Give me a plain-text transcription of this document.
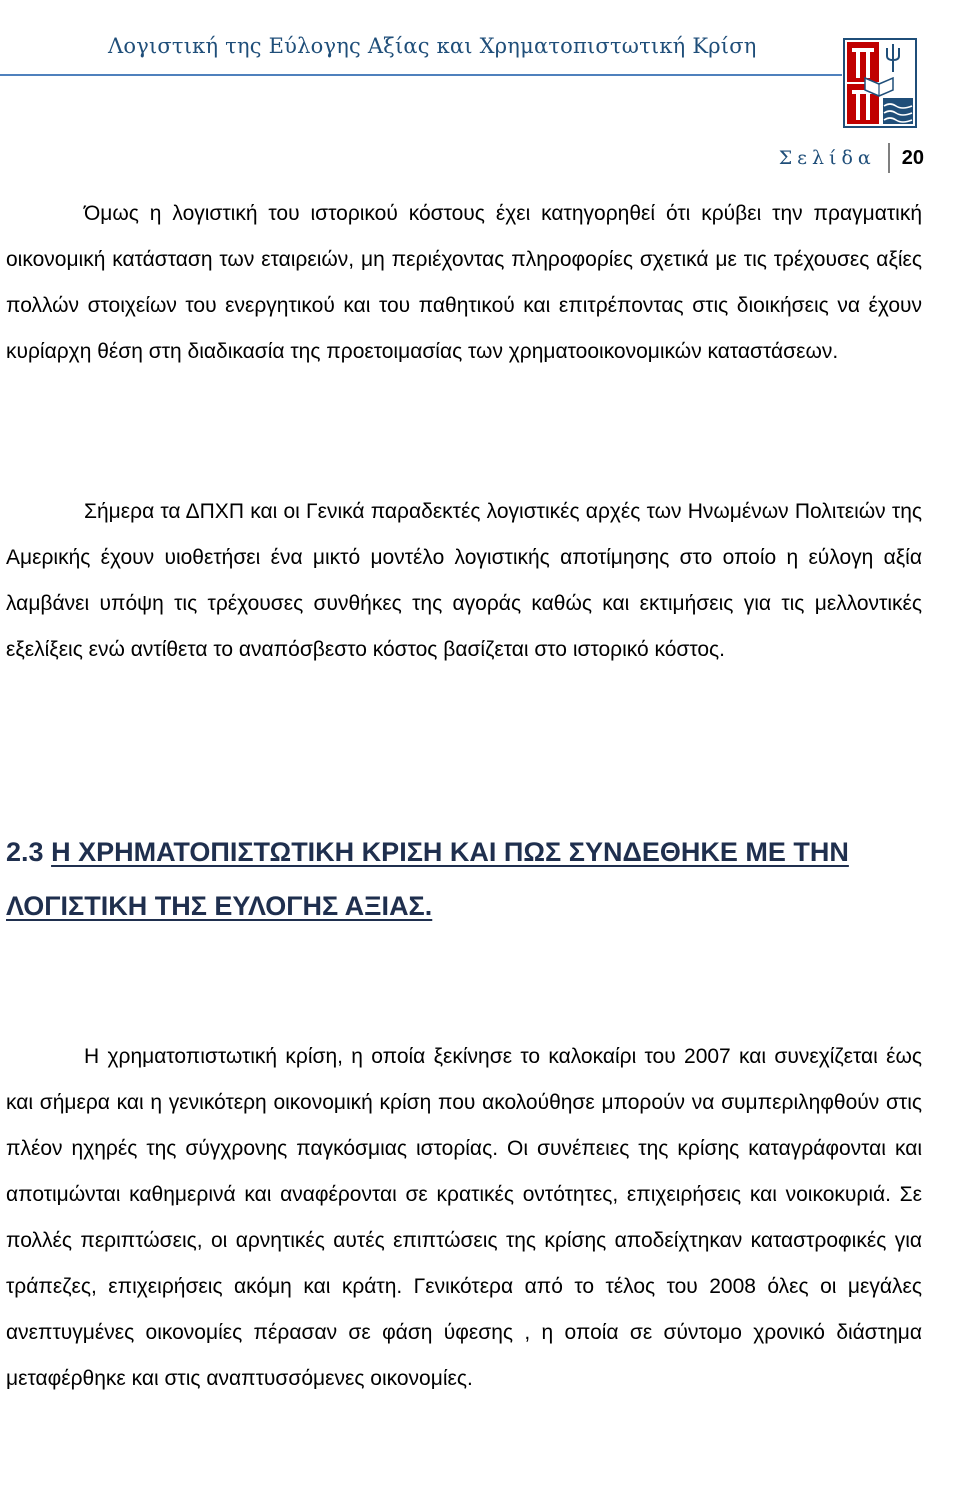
Λογιστική της Εύλογης Αξίας και Χρηματοπιστωτική Κρίση
Σελίδα 20

Όμως η λογιστική του ιστορικού κόστους έχει κατηγορηθεί ότι κρύβει την πραγματική οικονομική κατάσταση των εταιρειών, μη περιέχοντας πληροφορίες σχετικά με τις τρέχουσες αξίες πολλών στοιχείων του ενεργητικού και του παθητικού και επιτρέποντας στις διοικήσεις να έχουν κυρίαρχη θέση στη διαδικασία της προετοιμασίας των χρηματοοικονομικών καταστάσεων.

Σήμερα τα ΔΠΧΠ και οι Γενικά παραδεκτές λογιστικές αρχές των Ηνωμένων Πολιτειών της Αμερικής έχουν υιοθετήσει ένα μικτό μοντέλο λογιστικής αποτίμησης στο οποίο η εύλογη αξία λαμβάνει υπόψη τις τρέχουσες συνθήκες της αγοράς καθώς και εκτιμήσεις για τις μελλοντικές εξελίξεις ενώ αντίθετα το αναπόσβεστο κόστος βασίζεται στο ιστορικό κόστος.

2.3 Η ΧΡΗΜΑΤΟΠΙΣΤΩΤΙΚΗ ΚΡΙΣΗ ΚΑΙ ΠΩΣ ΣΥΝΔΕΘΗΚΕ ΜΕ ΤΗΝ ΛΟΓΙΣΤΙΚΗ ΤΗΣ ΕΥΛΟΓΗΣ ΑΞΙΑΣ.

Η χρηματοπιστωτική κρίση, η οποία ξεκίνησε το καλοκαίρι του 2007 και συνεχίζεται έως και σήμερα και η γενικότερη οικονομική κρίση που ακολούθησε μπορούν να συμπεριληφθούν στις πλέον ηχηρές της σύγχρονης παγκόσμιας ιστορίας. Οι συνέπειες της κρίσης καταγράφονται και αποτιμώνται καθημερινά και αναφέρονται σε κρατικές οντότητες, επιχειρήσεις και νοικοκυριά. Σε πολλές περιπτώσεις, οι αρνητικές αυτές επιπτώσεις της κρίσης αποδείχτηκαν καταστροφικές για τράπεζες, επιχειρήσεις ακόμη και κράτη. Γενικότερα από το τέλος του 2008 όλες οι μεγάλες ανεπτυγμένες οικονομίες πέρασαν σε φάση ύφεσης , η οποία σε σύντομο χρονικό διάστημα μεταφέρθηκε και στις αναπτυσσόμενες οικονομίες.
